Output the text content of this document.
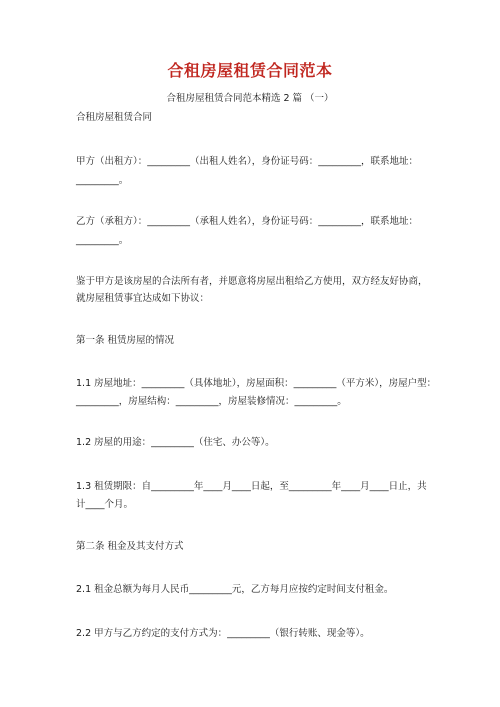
合租房屋租赁合同范本
合租房屋租赁合同范本精选 2 篇 （一）
合租房屋租赁合同
甲方（出租方）：_________（出租人姓名），身份证号码：_________，联系地址：
_________。
乙方（承租方）：_________（承租人姓名），身份证号码：_________，联系地址：
_________。
鉴于甲方是该房屋的合法所有者，并愿意将房屋出租给乙方使用，双方经友好协商，
就房屋租赁事宜达成如下协议：
第一条 租赁房屋的情况
1.1 房屋地址：_________（具体地址），房屋面积：_________（平方米），房屋户型：
_________，房屋结构：_________，房屋装修情况：_________。
1.2 房屋的用途：_________（住宅、办公等）。
1.3 租赁期限：自_________年____月____日起，至_________年____月____日止，共
计____个月。
第二条 租金及其支付方式
2.1 租金总额为每月人民币_________元，乙方每月应按约定时间支付租金。
2.2 甲方与乙方约定的支付方式为：_________（银行转账、现金等）。
